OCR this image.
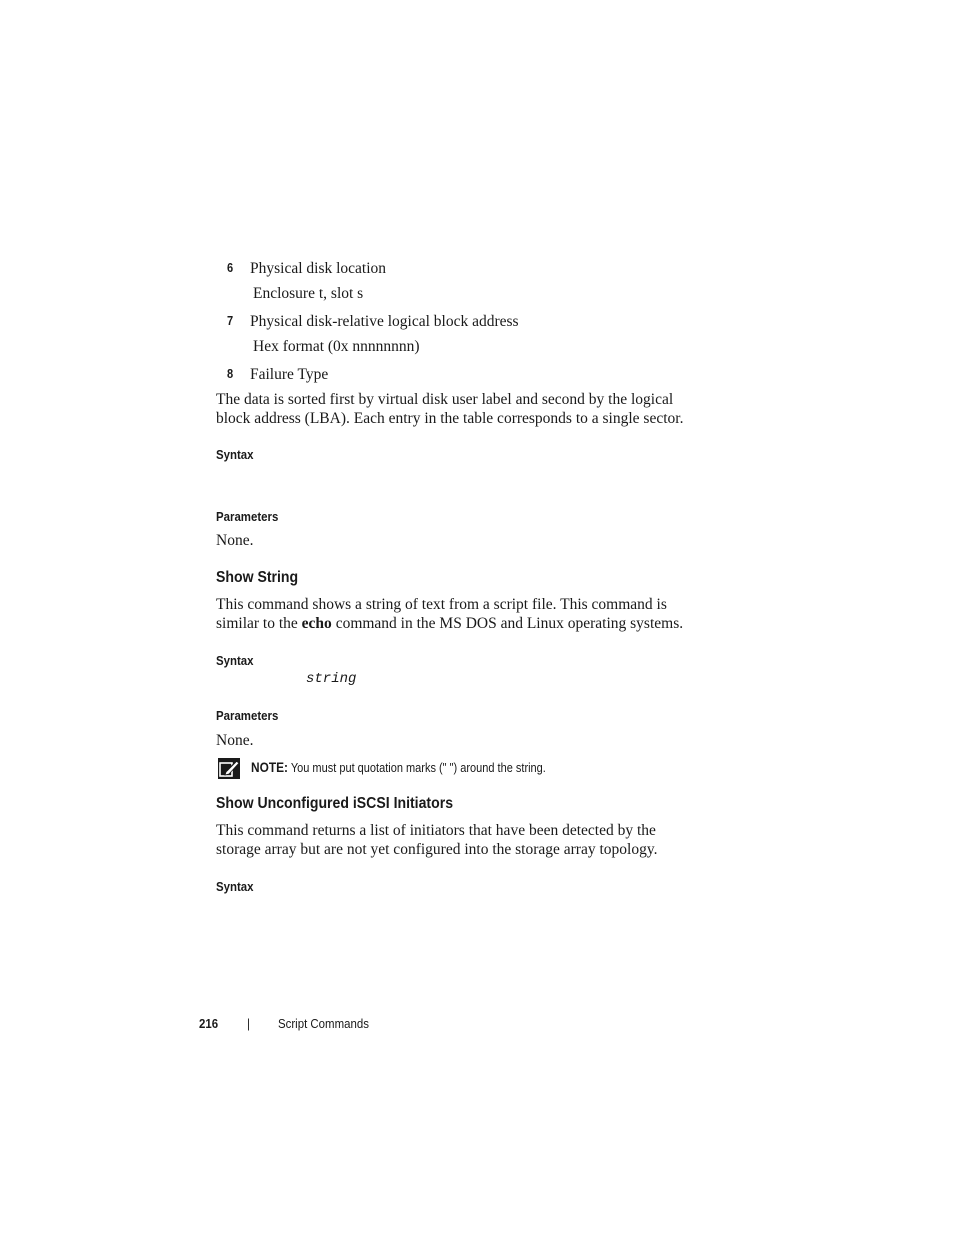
6 Physical disk location
Enclosure t, slot s
7 Physical disk-relative logical block address
Hex format (0x nnnnnnnn)
8 Failure Type
The data is sorted first by virtual disk user label and second by the logical
block address (LBA). Each entry in the table corresponds to a single sector.
Syntax
Parameters
None.
Show String
This command shows a string of text from a script file. This command is
similar to the echo command in the MS DOS and Linux operating systems.
Syntax
string
Parameters
None.
NOTE: You must put quotation marks (" ") around the string.
Show Unconfigured iSCSI Initiators
This command returns a list of initiators that have been detected by the
storage array but are not yet configured into the storage array topology.
Syntax
216 | Script Commands
